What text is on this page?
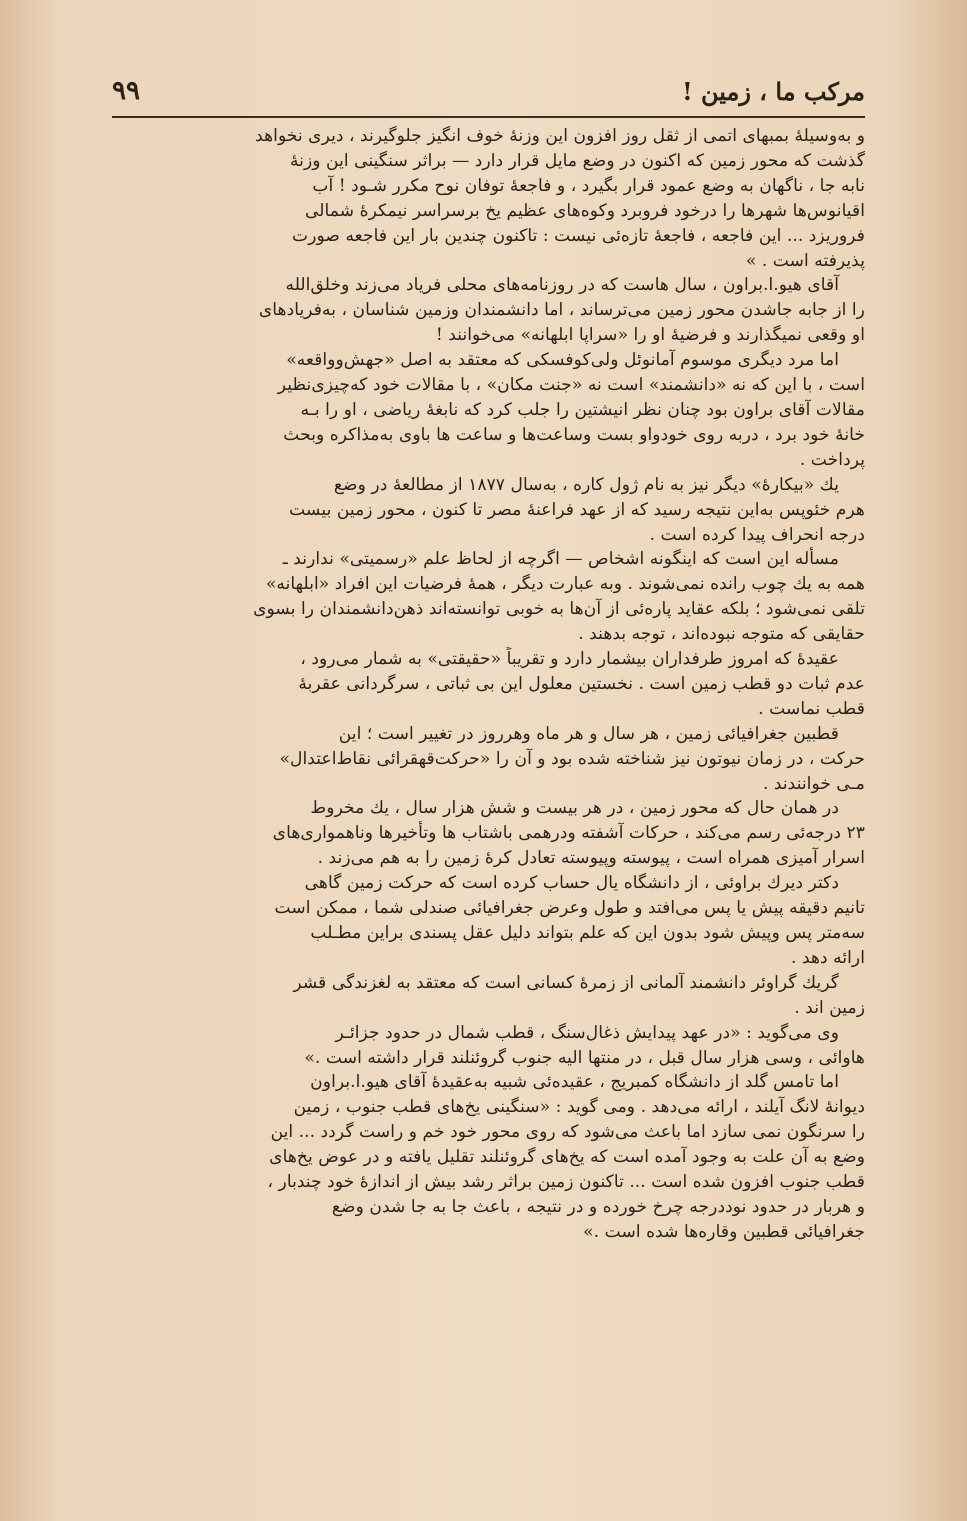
مرکب ما ، زمین !
۹۹
و به‌وسیلهٔ بمبهای اتمی از ثقل روز افزون این وزنهٔ خوف انگیز جلوگیرند ، دیری نخواهد
گذشت که محور زمین که اکنون در وضع مایل قرار دارد — براثر سنگینی این وزنهٔ
نابه جا ، ناگهان به وضع عمود قرار بگیرد ، و فاجعهٔ توفان نوح مکرر شـود ! آب
اقیانوس‌ها شهرها را درخود فروبرد وکوه‌های عظیم یخ برسراسر نیمکرهٔ شمالی
فروریزد ... این فاجعه ، فاجعهٔ تازه‌ئی نیست : تاکنون چندین بار این فاجعه صورت
پذیرفته است . »
آقای هیو.ا.براون ، سال هاست که در روزنامه‌های محلی فریاد می‌زند وخلق‌الله
را از جابه جاشدن محور زمین می‌ترساند ، اما دانشمندان وزمین شناسان ، به‌فریادهای
او وقعی نمیگذارند و فرضیهٔ او را «سراپا ابلهانه» می‌خوانند !
اما مرد دیگری موسوم آمانوئل ولی‌کوفسکی که معتقد به اصل «جهش‌وواقعه»
است ، با این که نه «دانشمند» است نه «جنت مکان» ، با مقالات خود که‌چیزی‌نظیر
مقالات آقای براون بود چنان نظر انیشتین را جلب کرد که نابغهٔ ریاضی ، او را بـه
خانهٔ خود برد ، دربه روی خودواو بست وساعت‌ها و ساعت ها باوی به‌مذاکره وبحث
پرداخت .
یك «بیکارهٔ» دیگر نیز به نام ژول کاره ، به‌سال ۱۸۷۷ از مطالعهٔ در وضع
هرم خئوپس به‌این نتیجه رسید که از عهد فراعنهٔ مصر تا کنون ، محور زمین بیست
درجه انحراف پیدا کرده است .
مسأله این است که اینگونه اشخاص — اگرچه از لحاظ علم «رسمیتی» ندارند ـ
همه به یك چوب رانده نمی‌شوند . وبه عبارت دیگر ، همهٔ فرضیات این افراد «ابلهانه»
تلقی نمی‌شود ؛ بلکه عقاید پاره‌ئی از آن‌ها به خوبی توانسته‌اند ذهن‌دانشمندان را بسوی
حقایقی که متوجه نبوده‌اند ، توجه بدهند .
عقیدهٔ که امروز طرفداران بیشمار دارد و تقریباً «حقیقتی» به شمار می‌رود ،
عدم ثبات دو قطب زمین است . نخستین معلول این بی ثباتی ، سرگردانی عقربهٔ
قطب نماست .
قطبین جغرافیائی زمین ، هر سال و هر ماه وهرروز در تغییر است ؛ این
حرکت ، در زمان نیوتون نیز شناخته شده بود و آن را «حرکت‌قهقرائی نقاط‌اعتدال»
مـی خوانندند .
در همان حال که محور زمین ، در هر بیست و شش هزار سال ، یك مخروط
۲۳ درجه‌ئی رسم می‌کند ، حرکات آشفته ودرهمی باشتاب ها وتأخیرها وناهمواری‌های
اسرار آمیزی همراه است ، پیوسته وپیوسته تعادل کرهٔ زمین را به هم می‌زند .
دکتر دیرك براوئی ، از دانشگاه یال حساب کرده است که حرکت زمین گاهی
تانیم دقیقه پیش یا پس می‌افتد و طول وعرض جغرافیائی صندلی شما ، ممکن است
سه‌متر پس وپیش شود بدون این که علم بتواند دلیل عقل پسندی براین مطـلب
ارائه دهد .
گریك گراوئر دانشمند آلمانی از زمرهٔ کسانی است که معتقد به لغزندگی قشر
زمین اند .
وی می‌گوید : «در عهد پیدایش ذغال‌سنگ ، قطب شمال در حدود جزائـر
هاوائی ، وسی هزار سال قبل ، در منتها الیه جنوب گروئنلند قرار داشته است .»
اما تامس گلد از دانشگاه کمبریج ، عقیده‌ئی شبیه به‌عقیدهٔ آقای هیو.ا.براون
دیوانهٔ لانگ آیلند ، ارائه می‌دهد . ومی گوید : «سنگینی یخ‌های قطب جنوب ، زمین
را سرنگون نمی سازد اما باعث می‌شود که روی محور خود خم و راست گردد ... این
وضع به آن علت به وجود آمده است که یخ‌های گروئنلند تقلیل یافته و در عوض یخ‌های
قطب جنوب افزون شده است ... تاکنون زمین براثر رشد بیش از اندازهٔ خود چندبار ،
و هربار در حدود نوددرجه چرخ خورده و در نتیجه ، باعث جا به جا شدن وضع
جغرافیائی قطبین وقاره‌ها شده است .»
